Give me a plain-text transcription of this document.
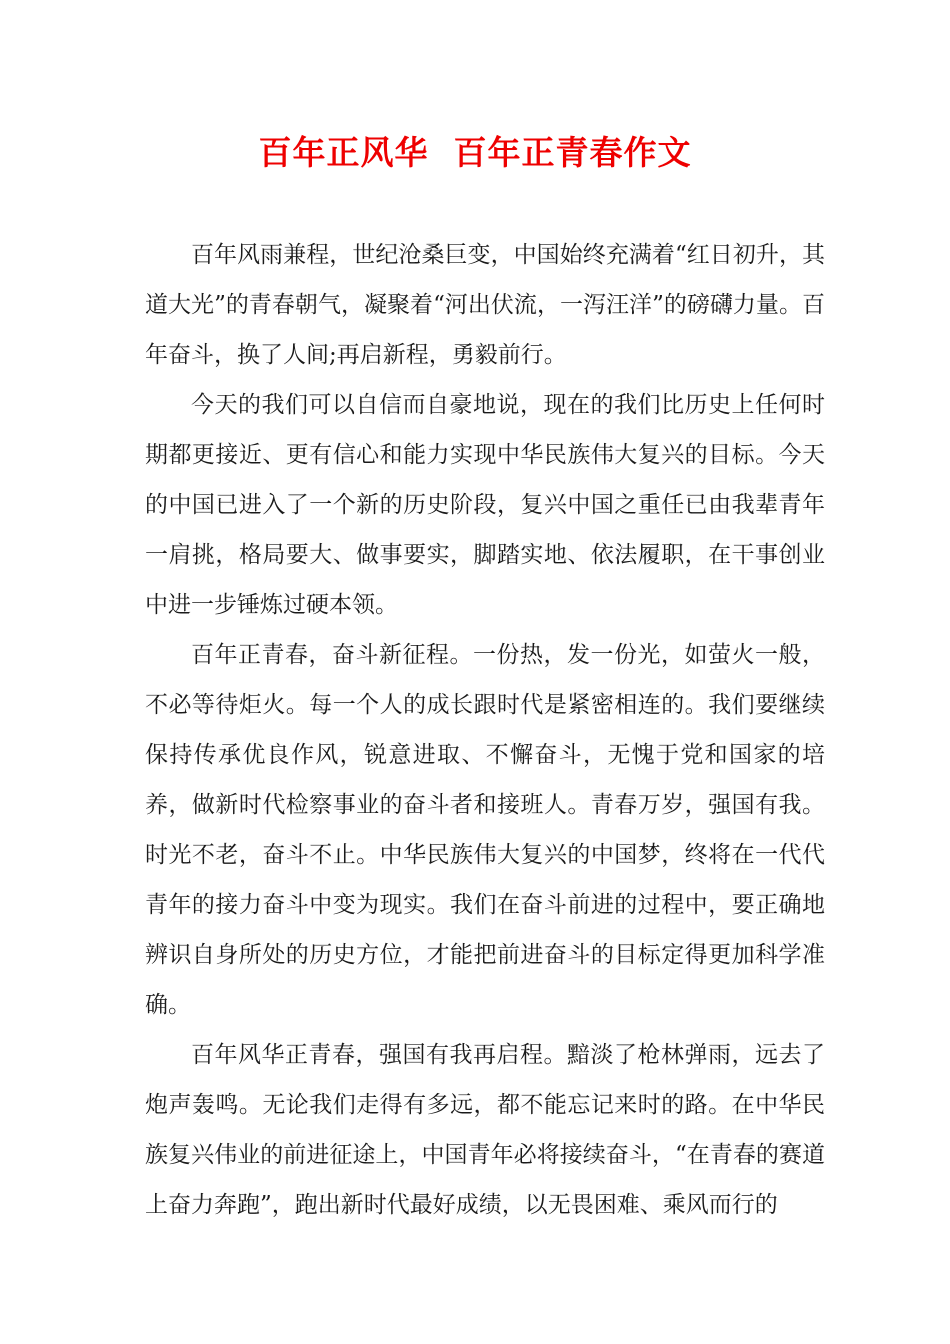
百年正风华  百年正青春作文

百年风雨兼程，世纪沧桑巨变，中国始终充满着“红日初升，其道大光”的青春朝气，凝聚着“河出伏流，一泻汪洋”的磅礴力量。百年奋斗，换了人间;再启新程，勇毅前行。

今天的我们可以自信而自豪地说，现在的我们比历史上任何时期都更接近、更有信心和能力实现中华民族伟大复兴的目标。今天的中国已进入了一个新的历史阶段，复兴中国之重任已由我辈青年一肩挑，格局要大、做事要实，脚踏实地、依法履职，在干事创业中进一步锤炼过硬本领。

百年正青春，奋斗新征程。一份热，发一份光，如萤火一般，不必等待炬火。每一个人的成长跟时代是紧密相连的。我们要继续保持传承优良作风，锐意进取、不懈奋斗，无愧于党和国家的培养，做新时代检察事业的奋斗者和接班人。青春万岁，强国有我。时光不老，奋斗不止。中华民族伟大复兴的中国梦，终将在一代代青年的接力奋斗中变为现实。我们在奋斗前进的过程中，要正确地辨识自身所处的历史方位，才能把前进奋斗的目标定得更加科学准确。

百年风华正青春，强国有我再启程。黯淡了枪林弹雨，远去了炮声轰鸣。无论我们走得有多远，都不能忘记来时的路。在中华民族复兴伟业的前进征途上，中国青年必将接续奋斗，“在青春的赛道上奋力奔跑”，跑出新时代最好成绩，以无畏困难、乘风而行的
